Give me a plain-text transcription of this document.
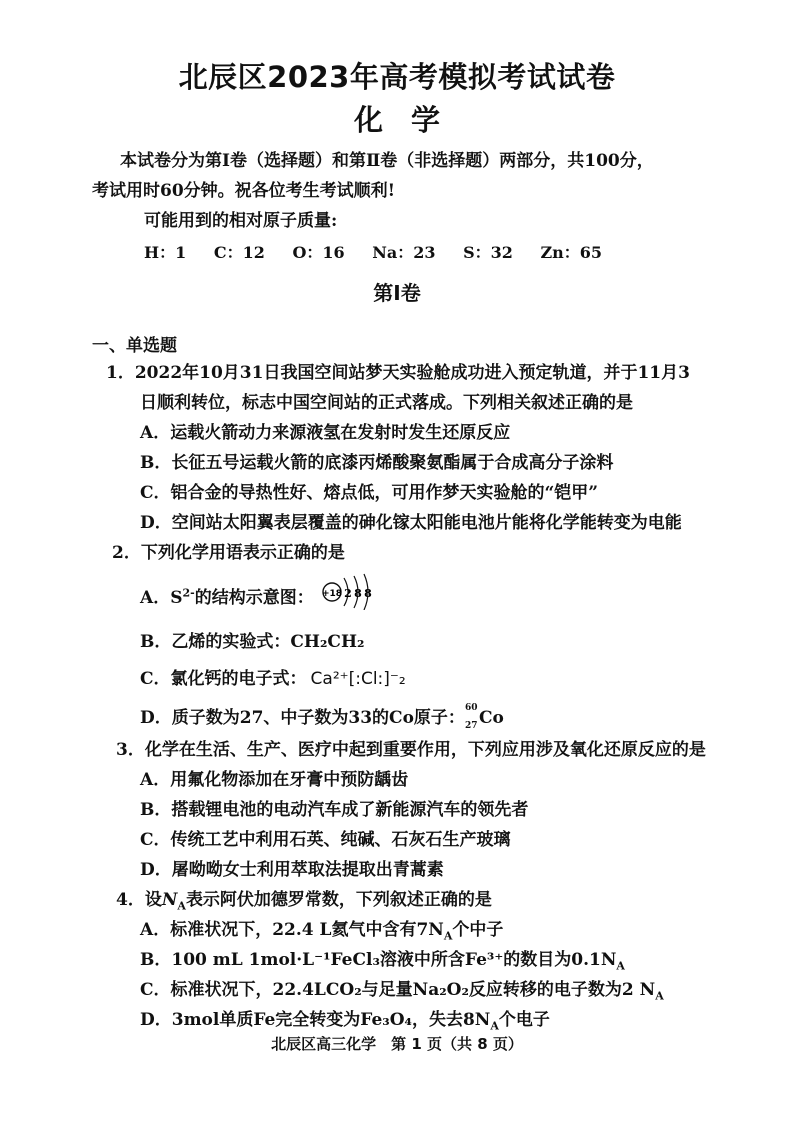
北辰区2023年高考模拟考试试卷
化学
本试卷分为第Ⅰ卷（选择题）和第Ⅱ卷（非选择题）两部分，共100分，
考试用时60分钟。祝各位考生考试顺利!
可能用到的相对原子质量:
H：1 C：12 O：16 Na：23 S：32 Zn：65
第Ⅰ卷
一、单选题
1．2022年10月31日我国空间站梦天实验舱成功进入预定轨道，并于11月3
日顺利转位，标志中国空间站的正式落成。下列相关叙述正确的是
A．运载火箭动力来源液氢在发射时发生还原反应
B．长征五号运载火箭的底漆丙烯酸聚氨酯属于合成高分子涂料
C．铝合金的导热性好、熔点低，可用作梦天实验舱的“铠甲”
D．空间站太阳翼表层覆盖的砷化镓太阳能电池片能将化学能转变为电能
2．下列化学用语表示正确的是
A．$S^{2-}$的结构示意图： +18 2 8 8
B．乙烯的实验式：CH₂CH₂
C．氯化钙的电子式： Ca²⁺[:Cl:]⁻₂
D．质子数为27、中子数为33的Co原子： 60
27 Co
3．化学在生活、生产、医疗中起到重要作用，下列应用涉及氧化还原反应的是
A．用氟化物添加在牙膏中预防龋齿
B．搭载锂电池的电动汽车成了新能源汽车的领先者
C．传统工艺中利用石英、纯碱、石灰石生产玻璃
D．屠呦呦女士利用萃取法提取出青蒿素
4．设$N_A$表示阿伏加德罗常数，下列叙述正确的是
A．标准状况下，22.4 L氦气中含有$7N_A$个中子
B．100 mL 1mol·L⁻¹FeCl₃溶液中所含Fe³⁺的数目为$0.1N_A$
C．标准状况下，22.4LCO₂与足量Na₂O₂反应转移的电子数为2 $N_A$
D．3mol单质Fe完全转变为Fe₃O₄，失去$8N_A$个电子
北辰区高三化学　第 1 页（共 8 页）
